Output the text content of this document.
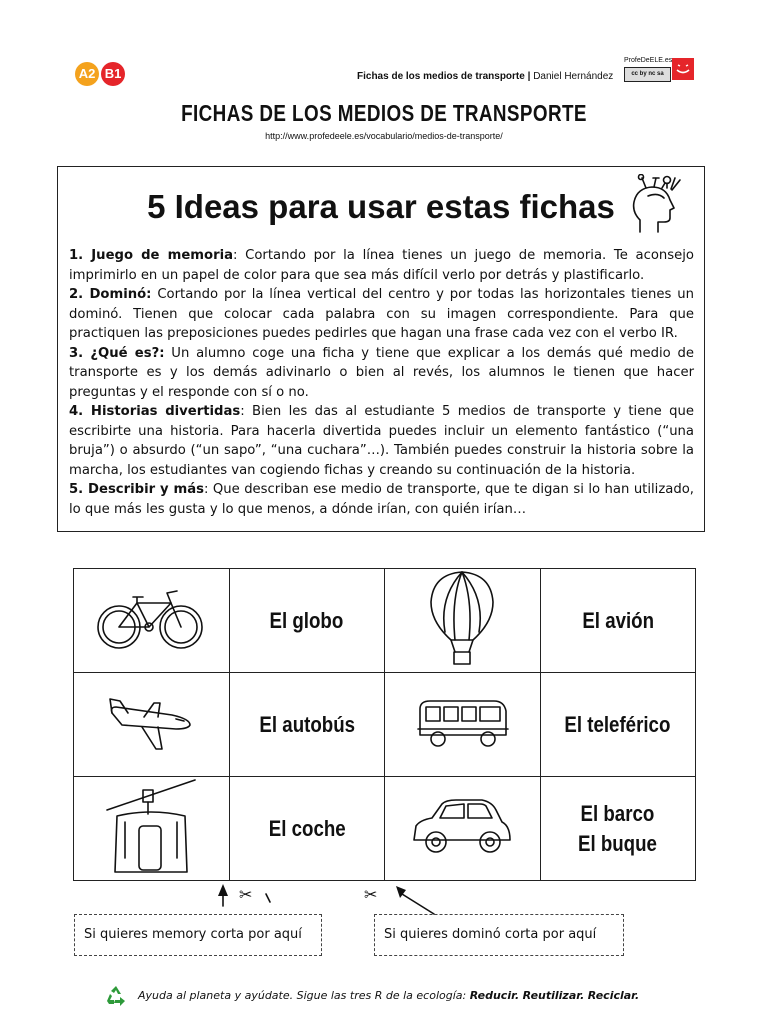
A2 B1	Fichas de los medios de transporte | Daniel Hernández
ProfeDeELE.es
cc by nc sa
FICHAS DE LOS MEDIOS DE TRANSPORTE
http://www.profedeele.es/vocabulario/medios-de-transporte/
5 Ideas para usar estas fichas

1. Juego de memoria: Cortando por la línea tienes un juego de memoria. Te aconsejo imprimirlo en un papel de color para que sea más difícil verlo por detrás y plastificarlo.

2. Dominó: Cortando por la línea vertical del centro y por todas las horizontales tienes un dominó. Tienen que colocar cada palabra con su imagen correspondiente. Para que practiquen las preposiciones puedes pedirles que hagan una frase cada vez con el verbo IR.

3. ¿Qué es?: Un alumno coge una ficha y tiene que explicar a los demás qué medio de transporte es y los demás adivinarlo o bien al revés, los alumnos le tienen que hacer preguntas y el responde con sí o no.

4. Historias divertidas: Bien les das al estudiante 5 medios de transporte y tiene que escribirte una historia. Para hacerla divertida puedes incluir un elemento fantástico (“una bruja”) o absurdo (“un sapo”, “una cuchara”…). También puedes construir la historia sobre la marcha, los estudiantes van cogiendo fichas y creando su continuación de la historia.

5. Describir y más: Que describan ese medio de transporte, que te digan si lo han utilizado, lo que más les gusta y lo que menos, a dónde irían, con quién irían…

	El globo		El avión
	El autobús		El teleférico
	El coche		El barco
El buque
✂	✂
Si quieres memory corta por aquí	Si quieres dominó corta por aquí
Ayuda al planeta y ayúdate. Sigue las tres R de la ecología: Reducir. Reutilizar. Reciclar.
